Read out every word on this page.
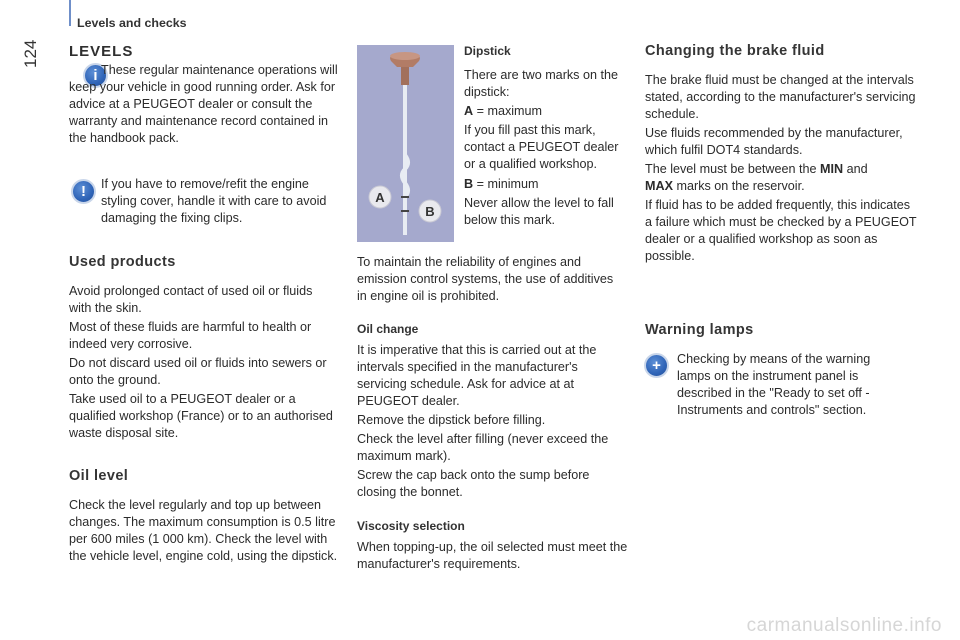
Levels and checks
124 LEVELS
i These regular maintenance operations will keep your vehicle in good running order. Ask for advice at a PEUGEOT dealer or consult the warranty and maintenance record contained in the handbook pack.
!	If you have to remove/refit the engine styling cover, handle it with care to avoid damaging the fixing clips.
Used products

Avoid prolonged contact of used oil or fluids with the skin.

Most of these fluids are harmful to health or indeed very corrosive.

Do not discard used oil or fluids into sewers or onto the ground.

Take used oil to a PEUGEOT dealer or a qualified workshop (France) or to an authorised waste disposal site.

Oil level
Check the level regularly and top up between changes. The maximum consumption is 0.5 litre per 600 miles (1 000 km). Check the level with the vehicle level, engine cold, using the dipstick.
A
B

Dipstick

There are two marks on the dipstick:

A = maximum

If you fill past this mark, contact a PEUGEOT dealer or a qualified workshop.

B = minimum

Never allow the level to fall below this mark.

To maintain the reliability of engines and emission control systems, the use of additives in engine oil is prohibited.

Oil change

It is imperative that this is carried out at the intervals specified in the manufacturer's servicing schedule. Ask for advice at at PEUGEOT dealer.

Remove the dipstick before filling.

Check the level after filling (never exceed the maximum mark).

Screw the cap back onto the sump before closing the bonnet.

Viscosity selection

When topping-up, the oil selected must meet the manufacturer's requirements.

Changing the brake fluid

The brake fluid must be changed at the intervals stated, according to the manufacturer's servicing schedule.

Use fluids recommended by the manufacturer, which fulfil DOT4 standards.

The level must be between the MIN and
MAX marks on the reservoir.

If fluid has to be added frequently, this indicates a failure which must be checked by a PEUGEOT dealer or a qualified workshop as soon as possible.

Warning lamps
+	Checking by means of the warning lamps on the instrument panel is described in the "Ready to set off - Instruments and controls" section.
carmanualsonline.info
